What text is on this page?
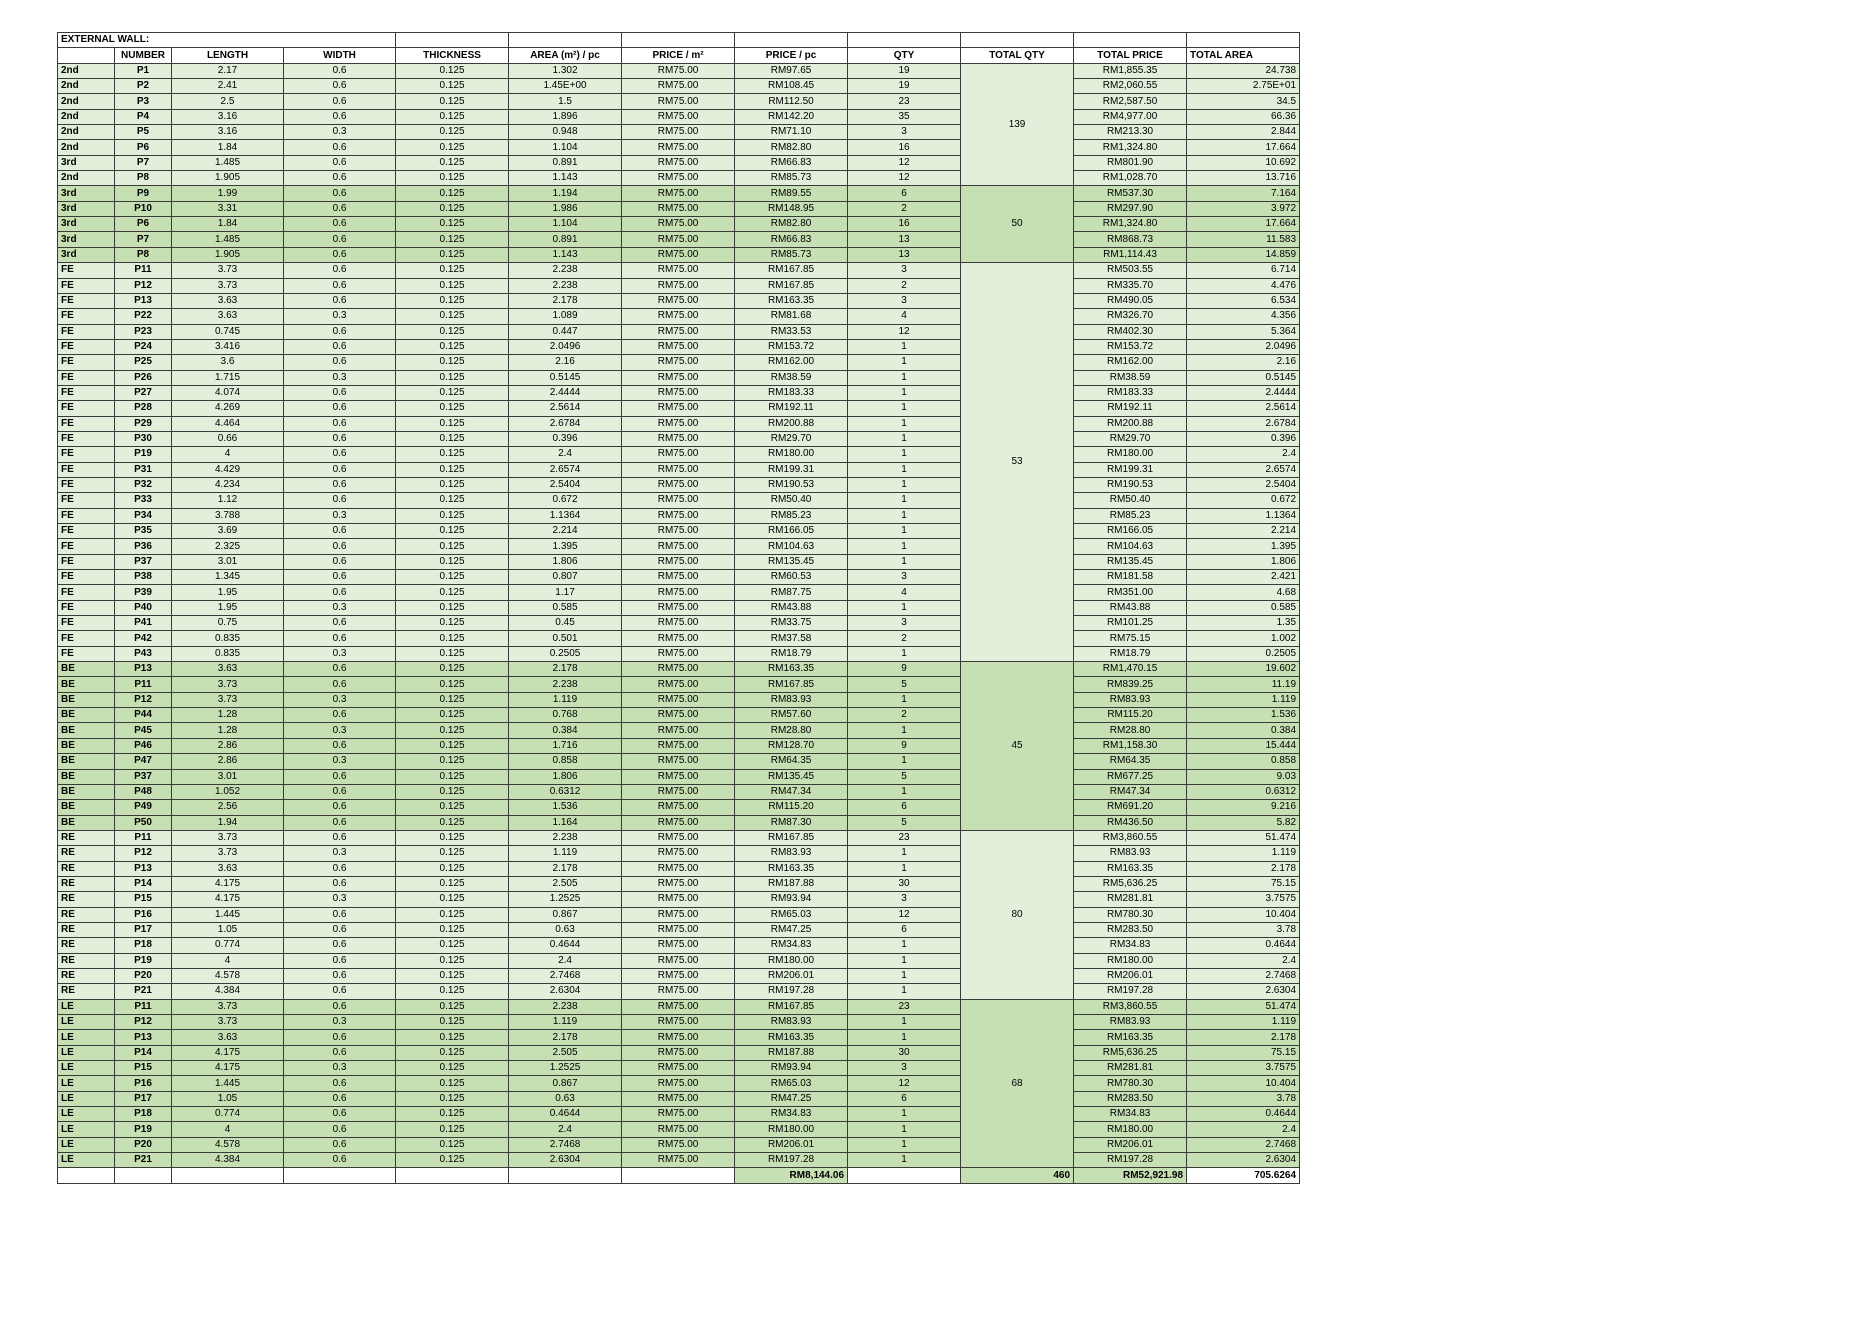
EXTERNAL WALL:											
	NUMBER	LENGTH	WIDTH	THICKNESS	AREA (m²) / pc	PRICE / m²	PRICE / pc	QTY	TOTAL QTY	TOTAL PRICE	TOTAL AREA
2nd	P1	2.17	0.6	0.125	1.302	RM75.00	RM97.65	19	139	RM1,855.35	24.738
2nd	P2	2.41	0.6	0.125	1.45E+00	RM75.00	RM108.45	19		RM2,060.55	2.75E+01
2nd	P3	2.5	0.6	0.125	1.5	RM75.00	RM112.50	23		RM2,587.50	34.5
2nd	P4	3.16	0.6	0.125	1.896	RM75.00	RM142.20	35		RM4,977.00	66.36
2nd	P5	3.16	0.3	0.125	0.948	RM75.00	RM71.10	3		RM213.30	2.844
2nd	P6	1.84	0.6	0.125	1.104	RM75.00	RM82.80	16		RM1,324.80	17.664
3rd	P7	1.485	0.6	0.125	0.891	RM75.00	RM66.83	12		RM801.90	10.692
2nd	P8	1.905	0.6	0.125	1.143	RM75.00	RM85.73	12		RM1,028.70	13.716
3rd	P9	1.99	0.6	0.125	1.194	RM75.00	RM89.55	6	50	RM537.30	7.164
3rd	P10	3.31	0.6	0.125	1.986	RM75.00	RM148.95	2		RM297.90	3.972
3rd	P6	1.84	0.6	0.125	1.104	RM75.00	RM82.80	16		RM1,324.80	17.664
3rd	P7	1.485	0.6	0.125	0.891	RM75.00	RM66.83	13		RM868.73	11.583
3rd	P8	1.905	0.6	0.125	1.143	RM75.00	RM85.73	13		RM1,114.43	14.859
FE	P11	3.73	0.6	0.125	2.238	RM75.00	RM167.85	3	53	RM503.55	6.714
FE	P12	3.73	0.6	0.125	2.238	RM75.00	RM167.85	2		RM335.70	4.476
FE	P13	3.63	0.6	0.125	2.178	RM75.00	RM163.35	3		RM490.05	6.534
FE	P22	3.63	0.3	0.125	1.089	RM75.00	RM81.68	4		RM326.70	4.356
FE	P23	0.745	0.6	0.125	0.447	RM75.00	RM33.53	12		RM402.30	5.364
FE	P24	3.416	0.6	0.125	2.0496	RM75.00	RM153.72	1		RM153.72	2.0496
FE	P25	3.6	0.6	0.125	2.16	RM75.00	RM162.00	1		RM162.00	2.16
FE	P26	1.715	0.3	0.125	0.5145	RM75.00	RM38.59	1		RM38.59	0.5145
FE	P27	4.074	0.6	0.125	2.4444	RM75.00	RM183.33	1		RM183.33	2.4444
FE	P28	4.269	0.6	0.125	2.5614	RM75.00	RM192.11	1		RM192.11	2.5614
FE	P29	4.464	0.6	0.125	2.6784	RM75.00	RM200.88	1		RM200.88	2.6784
FE	P30	0.66	0.6	0.125	0.396	RM75.00	RM29.70	1		RM29.70	0.396
FE	P19	4	0.6	0.125	2.4	RM75.00	RM180.00	1		RM180.00	2.4
FE	P31	4.429	0.6	0.125	2.6574	RM75.00	RM199.31	1		RM199.31	2.6574
FE	P32	4.234	0.6	0.125	2.5404	RM75.00	RM190.53	1		RM190.53	2.5404
FE	P33	1.12	0.6	0.125	0.672	RM75.00	RM50.40	1		RM50.40	0.672
FE	P34	3.788	0.3	0.125	1.1364	RM75.00	RM85.23	1		RM85.23	1.1364
FE	P35	3.69	0.6	0.125	2.214	RM75.00	RM166.05	1		RM166.05	2.214
FE	P36	2.325	0.6	0.125	1.395	RM75.00	RM104.63	1		RM104.63	1.395
FE	P37	3.01	0.6	0.125	1.806	RM75.00	RM135.45	1		RM135.45	1.806
FE	P38	1.345	0.6	0.125	0.807	RM75.00	RM60.53	3		RM181.58	2.421
FE	P39	1.95	0.6	0.125	1.17	RM75.00	RM87.75	4		RM351.00	4.68
FE	P40	1.95	0.3	0.125	0.585	RM75.00	RM43.88	1		RM43.88	0.585
FE	P41	0.75	0.6	0.125	0.45	RM75.00	RM33.75	3		RM101.25	1.35
FE	P42	0.835	0.6	0.125	0.501	RM75.00	RM37.58	2		RM75.15	1.002
FE	P43	0.835	0.3	0.125	0.2505	RM75.00	RM18.79	1		RM18.79	0.2505
BE	P13	3.63	0.6	0.125	2.178	RM75.00	RM163.35	9	45	RM1,470.15	19.602
BE	P11	3.73	0.6	0.125	2.238	RM75.00	RM167.85	5		RM839.25	11.19
BE	P12	3.73	0.3	0.125	1.119	RM75.00	RM83.93	1		RM83.93	1.119
BE	P44	1.28	0.6	0.125	0.768	RM75.00	RM57.60	2		RM115.20	1.536
BE	P45	1.28	0.3	0.125	0.384	RM75.00	RM28.80	1		RM28.80	0.384
BE	P46	2.86	0.6	0.125	1.716	RM75.00	RM128.70	9		RM1,158.30	15.444
BE	P47	2.86	0.3	0.125	0.858	RM75.00	RM64.35	1		RM64.35	0.858
BE	P37	3.01	0.6	0.125	1.806	RM75.00	RM135.45	5		RM677.25	9.03
BE	P48	1.052	0.6	0.125	0.6312	RM75.00	RM47.34	1		RM47.34	0.6312
BE	P49	2.56	0.6	0.125	1.536	RM75.00	RM115.20	6		RM691.20	9.216
BE	P50	1.94	0.6	0.125	1.164	RM75.00	RM87.30	5		RM436.50	5.82
RE	P11	3.73	0.6	0.125	2.238	RM75.00	RM167.85	23	80	RM3,860.55	51.474
RE	P12	3.73	0.3	0.125	1.119	RM75.00	RM83.93	1		RM83.93	1.119
RE	P13	3.63	0.6	0.125	2.178	RM75.00	RM163.35	1		RM163.35	2.178
RE	P14	4.175	0.6	0.125	2.505	RM75.00	RM187.88	30		RM5,636.25	75.15
RE	P15	4.175	0.3	0.125	1.2525	RM75.00	RM93.94	3		RM281.81	3.7575
RE	P16	1.445	0.6	0.125	0.867	RM75.00	RM65.03	12		RM780.30	10.404
RE	P17	1.05	0.6	0.125	0.63	RM75.00	RM47.25	6		RM283.50	3.78
RE	P18	0.774	0.6	0.125	0.4644	RM75.00	RM34.83	1		RM34.83	0.4644
RE	P19	4	0.6	0.125	2.4	RM75.00	RM180.00	1		RM180.00	2.4
RE	P20	4.578	0.6	0.125	2.7468	RM75.00	RM206.01	1		RM206.01	2.7468
RE	P21	4.384	0.6	0.125	2.6304	RM75.00	RM197.28	1		RM197.28	2.6304
LE	P11	3.73	0.6	0.125	2.238	RM75.00	RM167.85	23	68	RM3,860.55	51.474
LE	P12	3.73	0.3	0.125	1.119	RM75.00	RM83.93	1		RM83.93	1.119
LE	P13	3.63	0.6	0.125	2.178	RM75.00	RM163.35	1		RM163.35	2.178
LE	P14	4.175	0.6	0.125	2.505	RM75.00	RM187.88	30		RM5,636.25	75.15
LE	P15	4.175	0.3	0.125	1.2525	RM75.00	RM93.94	3		RM281.81	3.7575
LE	P16	1.445	0.6	0.125	0.867	RM75.00	RM65.03	12		RM780.30	10.404
LE	P17	1.05	0.6	0.125	0.63	RM75.00	RM47.25	6		RM283.50	3.78
LE	P18	0.774	0.6	0.125	0.4644	RM75.00	RM34.83	1		RM34.83	0.4644
LE	P19	4	0.6	0.125	2.4	RM75.00	RM180.00	1		RM180.00	2.4
LE	P20	4.578	0.6	0.125	2.7468	RM75.00	RM206.01	1		RM206.01	2.7468
LE	P21	4.384	0.6	0.125	2.6304	RM75.00	RM197.28	1		RM197.28	2.6304
							RM8,144.06		460	RM52,921.98	705.6264
